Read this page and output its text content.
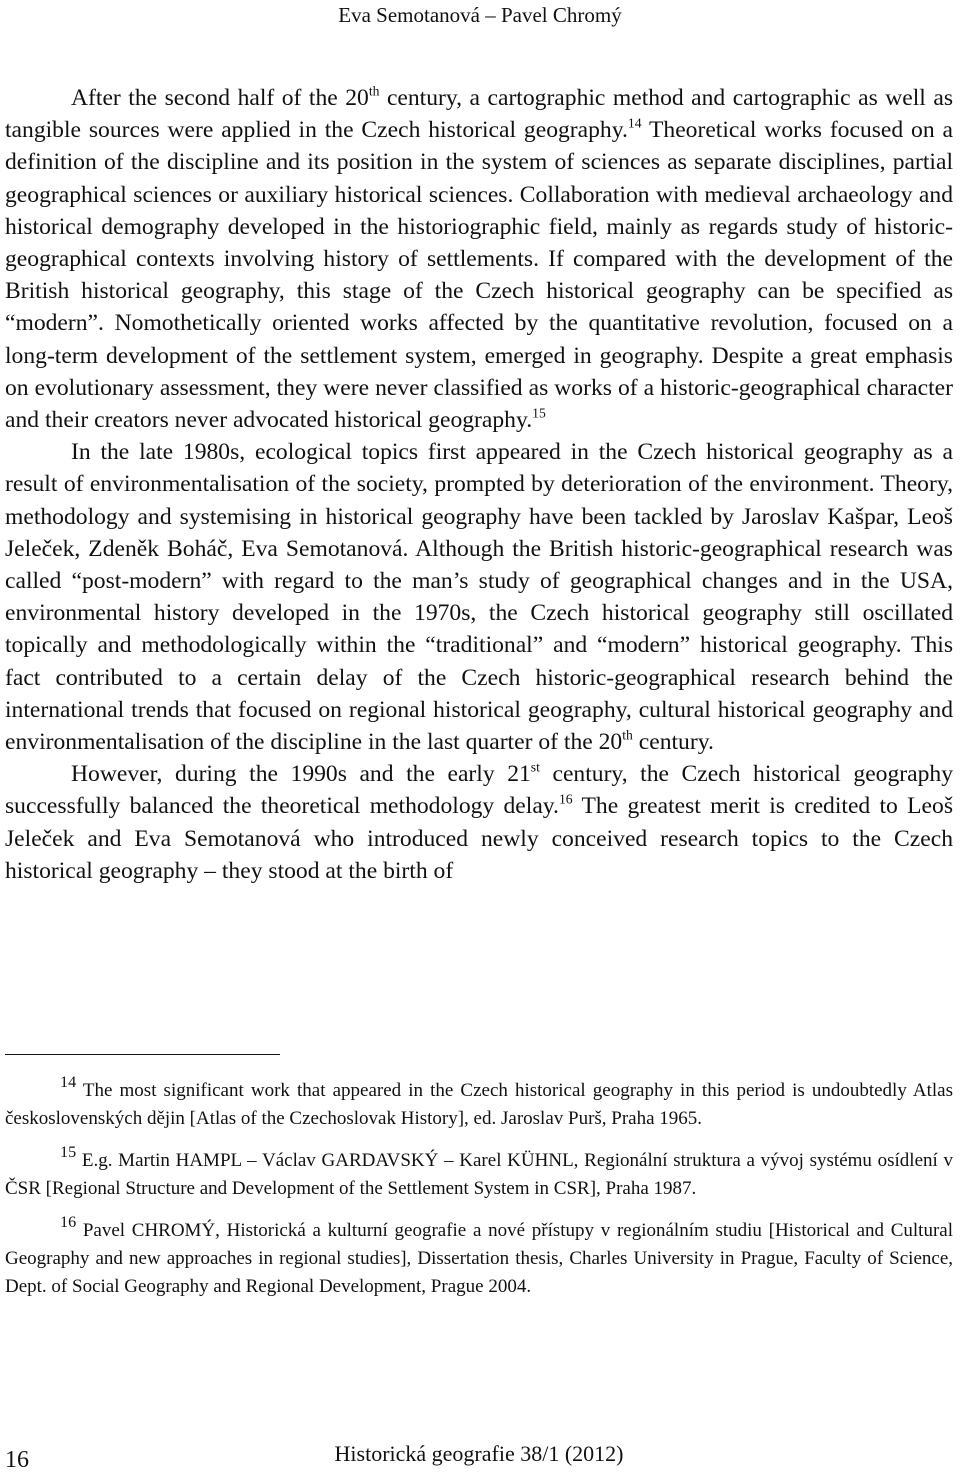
Eva Semotanová – Pavel Chromý

After the second half of the 20th century, a cartographic method and cartographic as well as tangible sources were applied in the Czech historical geography.$^{14}$ Theoretical works focused on a definition of the discipline and its position in the system of sciences as separate disciplines, partial geographical sciences or auxiliary historical sciences. Collaboration with medieval archaeology and historical demography developed in the historiographic field, mainly as regards study of historic-geographical contexts involving history of settlements. If compared with the development of the British historical geography, this stage of the Czech historical geography can be specified as “modern”. Nomothetically oriented works affected by the quantitative revolution, focused on a long-term development of the settlement system, emerged in geography. Despite a great emphasis on evolutionary assessment, they were never classified as works of a historic-geographical character and their creators never advocated historical geography.$^{15}$

In the late 1980s, ecological topics first appeared in the Czech historical geography as a result of environmentalisation of the society, prompted by deterioration of the environment. Theory, methodology and systemising in historical geography have been tackled by Jaroslav Kašpar, Leoš Jeleček, Zdeněk Boháč, Eva Semotanová. Although the British historic-geographical research was called “post-modern” with regard to the man’s study of geographical changes and in the USA, environmental history developed in the 1970s, the Czech historical geography still oscillated topically and methodologically within the “traditional” and “modern” historical geography. This fact contributed to a certain delay of the Czech historic-geographical research behind the international trends that focused on regional historical geography, cultural historical geography and environmentalisation of the discipline in the last quarter of the 20th century.

However, during the 1990s and the early 21st century, the Czech historical geography successfully balanced the theoretical methodology delay.$^{16}$ The greatest merit is credited to Leoš Jeleček and Eva Semotanová who introduced newly conceived research topics to the Czech historical geography – they stood at the birth of

$^{14}$ The most significant work that appeared in the Czech historical geography in this period is undoubtedly Atlas československých dějin [Atlas of the Czechoslovak History], ed. Jaroslav Purš, Praha 1965.

$^{15}$ E.g. Martin HAMPL – Václav GARDAVSKÝ – Karel KÜHNL, Regionální struktura a vývoj systému osídlení v ČSR [Regional Structure and Development of the Settlement System in CSR], Praha 1987.

$^{16}$ Pavel CHROMÝ, Historická a kulturní geografie a nové přístupy v regionálním studiu [Historical and Cultural Geography and new approaches in regional studies], Dissertation thesis, Charles University in Prague, Faculty of Science, Dept. of Social Geography and Regional Development, Prague 2004.

16	Historická geografie 38/1 (2012)
